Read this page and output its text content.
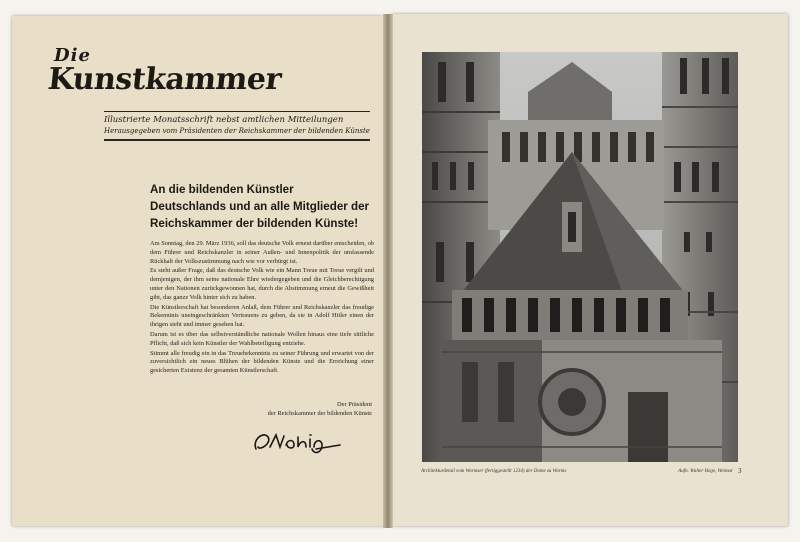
Die
Kunstkammer
Illustrierte Monatsschrift nebst amtlichen Mitteilungen
Herausgegeben vom Präsidenten der Reichskammer der bildenden Künste
An die bildenden Künstler Deutschlands und an alle Mitglieder der Reichskammer der bildenden Künste!

Am Sonntag, den 29. März 1936, soll das deutsche Volk erneut darüber entscheiden, ob dem Führer und Reichskanzler in seiner Außen- und Innenpolitik der umfassende Rückhalt der Volkszustimmung nach wie vor verbürgt ist.

Es steht außer Frage, daß das deutsche Volk wie ein Mann Treue mit Treue vergilt und demjenigen, der ihm seine nationale Ehre wiedergegeben und die Gleichberechtigung unter den Nationen zurückgewonnen hat, durch die Abstimmung erneut die Gewißheit gibt, das ganze Volk hinter sich zu haben.

Die Künstlerschaft hat besonderen Anlaß, dem Führer und Reichskanzler das freudige Bekenntnis uneingeschränkten Vertrauens zu geben, da sie in Adolf Hitler einen der ihrigen sieht und immer gesehen hat.

Darum ist es über das selbstverständliche nationale Wollen hinaus eine tiefe sittliche Pflicht, daß sich kein Künstler der Wahlbeteiligung entziehe.

Stimmt alle freudig ein in das Treuebekenntnis zu seiner Führung und erwartet von der zuversichtlich ein neues Blühen der bildenden Künste und die Erreichung einer gesicherten Existenz der gesamten Künstlerschaft.

Der Präsident
der Reichskammer der bildenden Künste
Architekturdetail vom Wormser (fertiggestellt 1234) der Dome zu Worms	Aufn. Walter Hege, Weimar 3
